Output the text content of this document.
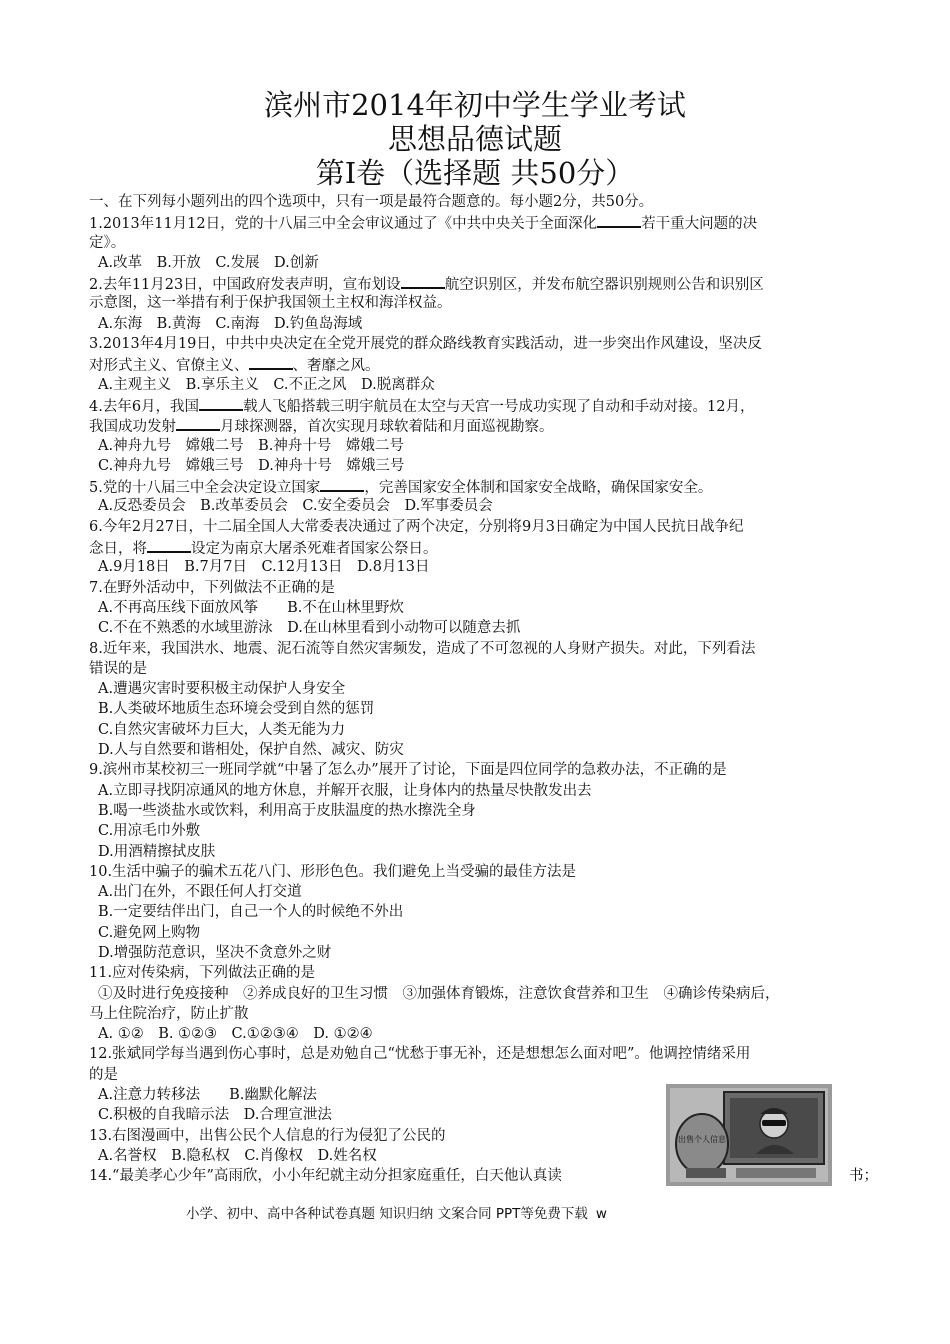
滨州市2014年初中学生学业考试
思想品德试题
第Ⅰ卷（选择题 共50分）
一、在下列每小题列出的四个选项中，只有一项是最符合题意的。每小题2分，共50分。
1.2013年11月12日，党的十八届三中全会审议通过了《中共中央关于全面深化	若干重大问题的决
定》。
A.改革　B.开放　C.发展　D.创新
2.去年11月23日，中国政府发表声明，宣布划设	航空识别区，并发布航空器识别规则公告和识别区
示意图，这一举措有利于保护我国领土主权和海洋权益。
A.东海　B.黄海　C.南海　D.钓鱼岛海域
3.2013年4月19日，中共中央决定在全党开展党的群众路线教育实践活动，进一步突出作风建设，坚决反
对形式主义、官僚主义、	、奢靡之风。
A.主观主义　B.享乐主义　C.不正之风　D.脱离群众
4.去年6月，我国	载人飞船搭载三明宇航员在太空与天宫一号成功实现了自动和手动对接。12月，
我国成功发射	月球探测器，首次实现月球软着陆和月面巡视勘察。
A.神舟九号　嫦娥二号　B.神舟十号　嫦娥二号
C.神舟九号　嫦娥三号　D.神舟十号　嫦娥三号
5.党的十八届三中全会决定设立国家	，完善国家安全体制和国家安全战略，确保国家安全。
A.反恐委员会　B.改革委员会　C.安全委员会　D.军事委员会
6.今年2月27日，十二届全国人大常委表决通过了两个决定，分别将9月3日确定为中国人民抗日战争纪
念日，将	设定为南京大屠杀死难者国家公祭日。
A.9月18日　B.7月7日　C.12月13日　D.8月13日
7.在野外活动中，下列做法不正确的是
A.不再高压线下面放风筝　　B.不在山林里野炊
C.不在不熟悉的水域里游泳　D.在山林里看到小动物可以随意去抓
8.近年来，我国洪水、地震、泥石流等自然灾害频发，造成了不可忽视的人身财产损失。对此，下列看法
错误的是
A.遭遇灾害时要积极主动保护人身安全
B.人类破坏地质生态环境会受到自然的惩罚
C.自然灾害破坏力巨大，人类无能为力
D.人与自然要和谐相处，保护自然、减灾、防灾
9.滨州市某校初三一班同学就“中暑了怎么办”展开了讨论，下面是四位同学的急救办法，不正确的是
A.立即寻找阴凉通风的地方休息，并解开衣服，让身体内的热量尽快散发出去
B.喝一些淡盐水或饮料，利用高于皮肤温度的热水擦洗全身
C.用凉毛巾外敷
D.用酒精擦拭皮肤
10.生活中骗子的骗术五花八门、形形色色。我们避免上当受骗的最佳方法是
A.出门在外，不跟任何人打交道
B.一定要结伴出门，自己一个人的时候绝不外出
C.避免网上购物
D.增强防范意识，坚决不贪意外之财
11.应对传染病，下列做法正确的是
①及时进行免疫接种　②养成良好的卫生习惯　③加强体育锻炼，注意饮食营养和卫生　④确诊传染病后，
马上住院治疗，防止扩散
A. ①②　B. ①②③　C.①②③④　D. ①②④
12.张斌同学每当遇到伤心事时，总是劝勉自己“忧愁于事无补，还是想想怎么面对吧”。他调控情绪采用
的是
A.注意力转移法　　B.幽默化解法
C.积极的自我暗示法　D.合理宣泄法
13.右图漫画中，出售公民个人信息的行为侵犯了公民的
A.名誉权　B.隐私权　C.肖像权　D.姓名权
14.“最美孝心少年”高雨欣，小小年纪就主动分担家庭重任，白天他认真读	书；
出售个人信息
小学、初中、高中各种试卷真题 知识归纳 文案合同 PPT等免费下载 w
